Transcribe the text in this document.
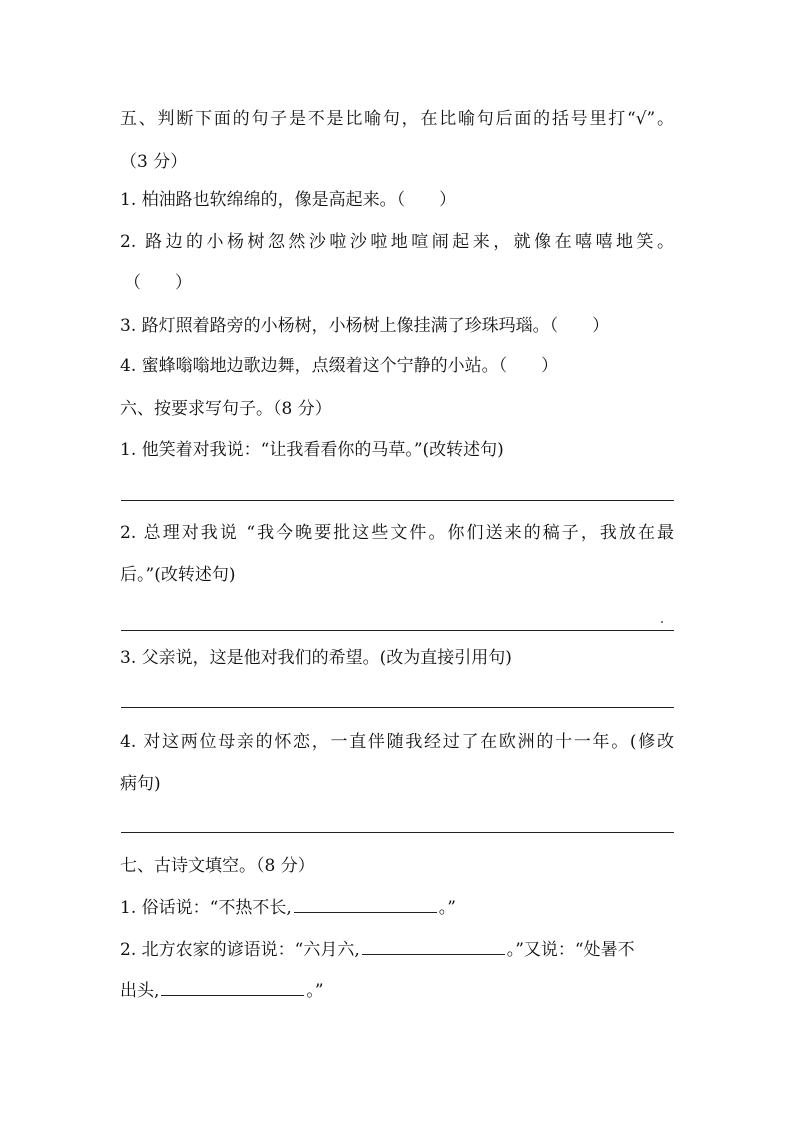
五、判断下面的句子是不是比喻句，在比喻句后面的括号里打“√”。
（3 分）
1. 柏油路也软绵绵的，像是高起来。（　　）
2. 路边的小杨树忽然沙啦沙啦地喧闹起来，就像在嘻嘻地笑。
（　　）
3. 路灯照着路旁的小杨树，小杨树上像挂满了珍珠玛瑙。（　　）
4. 蜜蜂嗡嗡地边歌边舞，点缀着这个宁静的小站。（　　）
六、按要求写句子。（8 分）
1. 他笑着对我说：“让我看看你的马草。”(改转述句)
2. 总理对我说 “我今晚要批这些文件。你们送来的稿子，我放在最
后。”(改转述句)
3. 父亲说，这是他对我们的希望。(改为直接引用句)
4. 对这两位母亲的怀恋，一直伴随我经过了在欧洲的十一年。(修改
病句)
七、古诗文填空。（8 分）
1. 俗话说：“不热不长,	。”
2. 北方农家的谚语说：“六月六,	。”又说：“处暑不
出头,	。”
